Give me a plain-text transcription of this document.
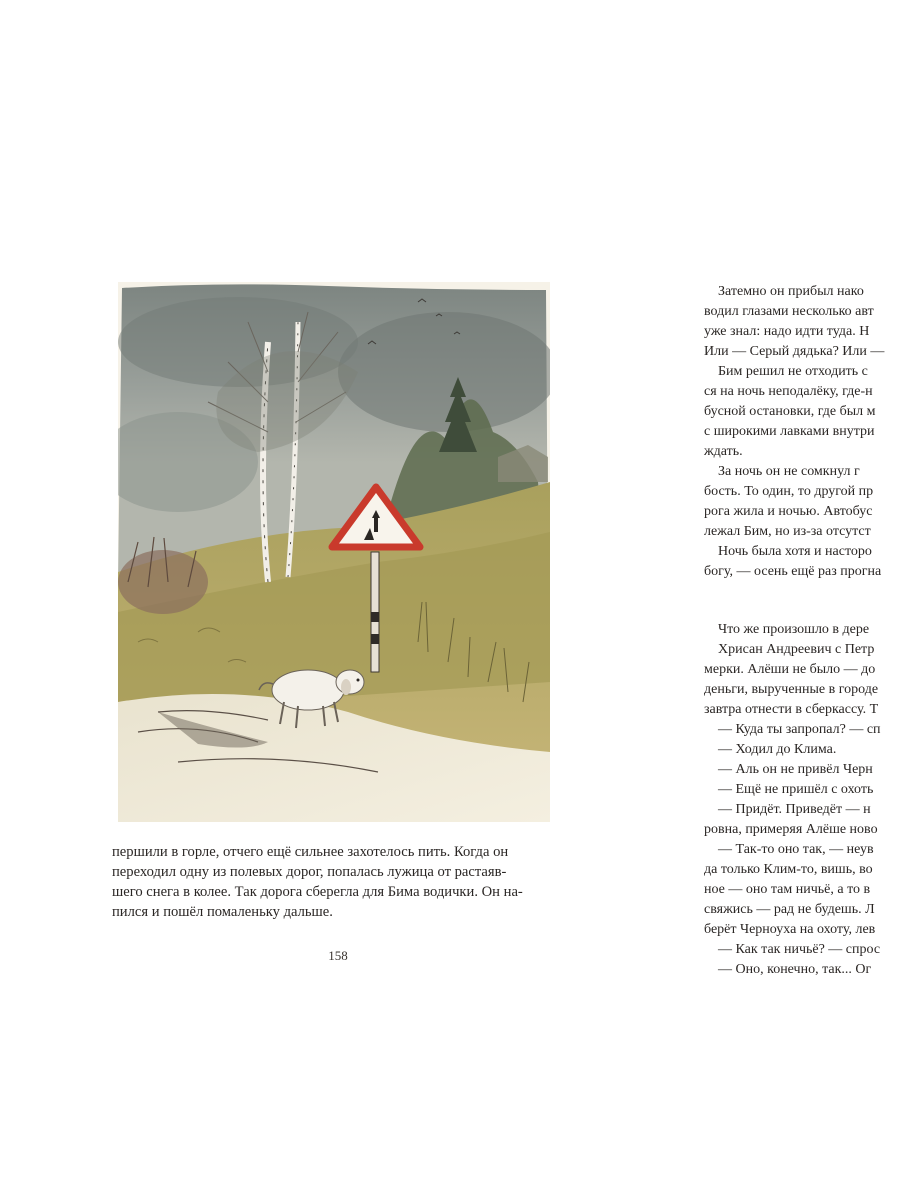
першили в горле, отчего ещё сильнее захотелось пить. Когда он
переходил одну из полевых дорог, попалась лужица от растаяв-
шего снега в колее. Так дорога сберегла для Бима водички. Он на-
пился и пошёл помаленьку дальше.
158
Затемно он прибыл нако
водил глазами несколько авт
уже знал: надо идти туда. Н
Или — Серый дядька? Или —
Бим решил не отходить с
ся на ночь неподалёку, где-н
бусной остановки, где был м
с широкими лавками внутри
ждать.
За ночь он не сомкнул г
бость. То один, то другой пр
рога жила и ночью. Автобус
лежал Бим, но из-за отсутст
Ночь была хотя и насторо
богу, — осень ещё раз прогна
Что же произошло в дере
Хрисан Андреевич с Петр
мерки. Алёши не было — до
деньги, вырученные в городе
завтра отнести в сберкассу. Т
— Куда ты запропал? — сп
— Ходил до Клима.
— Аль он не привёл Черн
— Ещё не пришёл с охоть
— Придёт. Приведёт — н
ровна, примеряя Алёше ново
— Так-то оно так, — неув
да только Клим-то, вишь, во
ное — оно там ничьё, а то в
свяжись — рад не будешь. Л
берёт Черноуха на охоту, лев
— Как так ничьё? — спрос
— Оно, конечно, так... Ог
